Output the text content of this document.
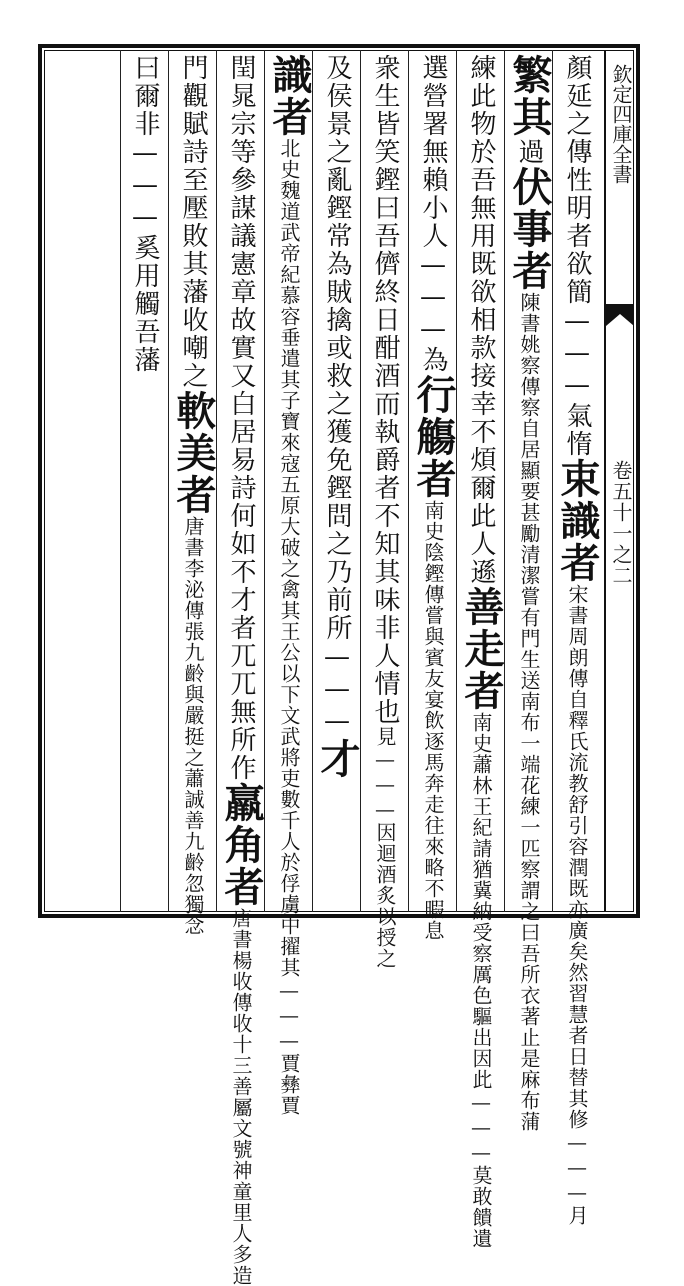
欽定四庫全書
卷五十一之二
顏延之傳性明者欲簡———氣惰束識者宋書周朗傳自釋氏流教舒引容潤既亦廣矣然習慧者日替其修———月
繁其過伏事者陳書姚察傳察自居顯要甚勵清潔嘗有門生送南布一端花練一匹察謂之曰吾所衣著止是麻布蒲
練此物於吾無用既欲相款接幸不煩爾此人遜善走者南史蕭林王紀請猶冀納受察厲色驅出因此———莫敢饋遺
選營署無賴小人———為行觴者南史陰鏗傳嘗與賓友宴飲逐馬奔走往來略不暇息
衆生皆笑鏗曰吾儕終日酣酒而執爵者不知其味非人情也見———因迴酒炙以授之
及侯景之亂鏗常為賊擒或救之獲免鏗問之乃前所———才
識者北史魏道武帝紀慕容垂遣其子寶來寇五原大破之禽其王公以下文武將吏數千人於俘虜中擢其———賈彝賈
閏晁宗等參謀議憲章故實又白居易詩何如不才者兀兀無所作羸角者唐書楊收傳收十三善屬文號神童里人多造
門觀賦詩至壓敗其藩收嘲之軟美者唐書李泌傳張九齡與嚴挺之蕭誠善九齡忽獨念
曰爾非———奚用觸吾藩
